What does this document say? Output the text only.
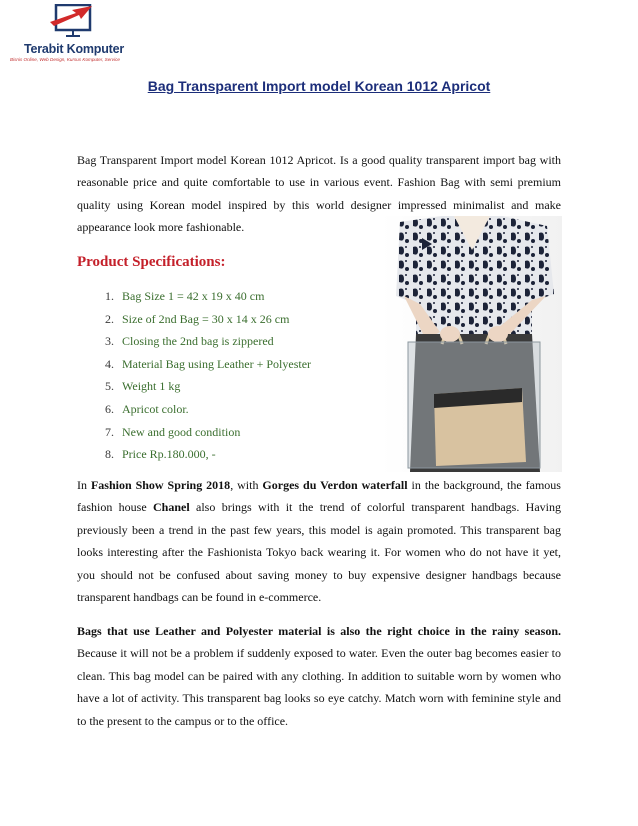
Terabit Komputer
Bisnis Online, Web Design, Kursus Komputer, Service
Bag Transparent Import model Korean 1012 Apricot

Bag Transparent Import model Korean 1012 Apricot. Is a good quality transparent import bag with reasonable price and quite comfortable to use in various event. Fashion Bag with semi premium quality using Korean model inspired by this world designer impressed minimalist and make appearance look more fashionable.

Product Specifications:
1. Bag Size 1 = 42 x 19 x 40 cm
2. Size of 2nd Bag = 30 x 14 x 26 cm
3. Closing the 2nd bag is zippered
4. Material Bag using Leather + Polyester
5. Weight 1 kg
6. Apricot color.
7. New and good condition
8. Price Rp.180.000, -

In Fashion Show Spring 2018, with Gorges du Verdon waterfall in the background, the famous fashion house Chanel also brings with it the trend of colorful transparent handbags. Having previously been a trend in the past few years, this model is again promoted. This transparent bag looks interesting after the Fashionista Tokyo back wearing it. For women who do not have it yet, you should not be confused about saving money to buy expensive designer handbags because transparent handbags can be found in e-commerce.

Bags that use Leather and Polyester material is also the right choice in the rainy season. Because it will not be a problem if suddenly exposed to water. Even the outer bag becomes easier to clean. This bag model can be paired with any clothing. In addition to suitable worn by women who have a lot of activity. This transparent bag looks so eye catchy. Match worn with feminine style and to the present to the campus or to the office.
